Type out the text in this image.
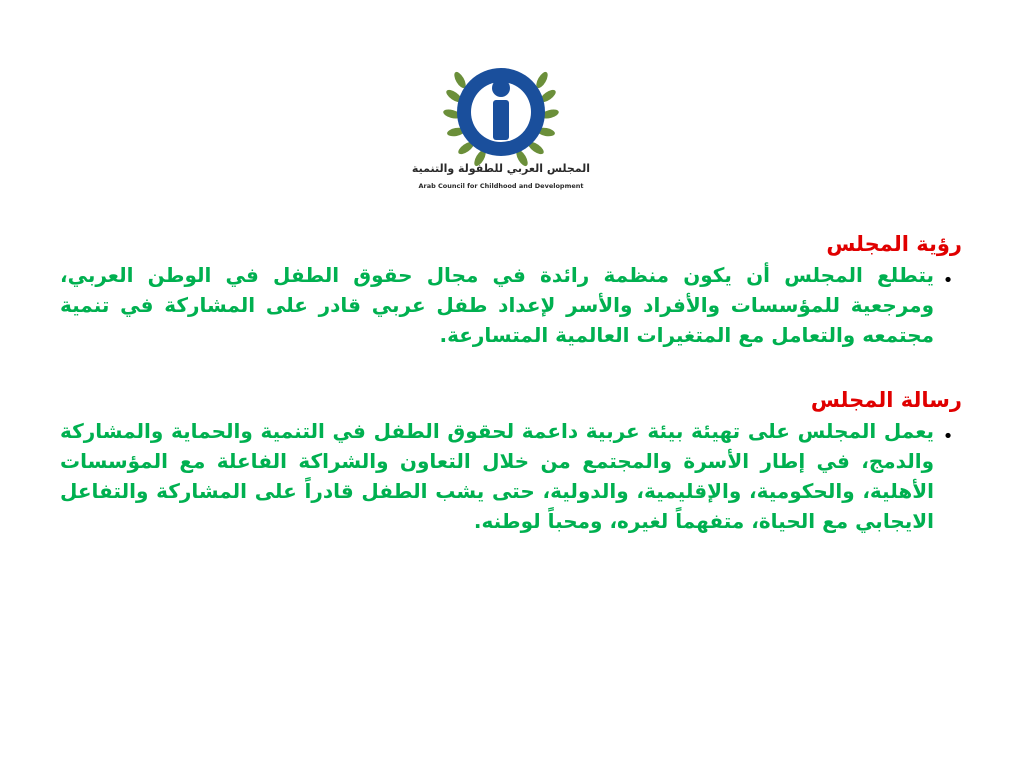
المجلس العربي للطفولة والتنمية
Arab Council for Childhood and Development
رؤية المجلس
•

يتطلع المجلس أن يكون منظمة رائدة في مجال حقوق الطفل في الوطن العربي، ومرجعية للمؤسسات والأفراد والأسر لإعداد طفل عربي قادر على المشاركة في تنمية مجتمعه والتعامل مع المتغيرات العالمية المتسارعة.

رسالة المجلس
•

يعمل المجلس على تهيئة بيئة عربية داعمة لحقوق الطفل في التنمية والحماية والمشاركة والدمج، في إطار الأسرة والمجتمع من خلال التعاون والشراكة الفاعلة مع المؤسسات الأهلية، والحكومية، والإقليمية، والدولية، حتى يشب الطفل قادراً على المشاركة والتفاعل الايجابي مع الحياة، متفهماً لغيره، ومحباً لوطنه.
